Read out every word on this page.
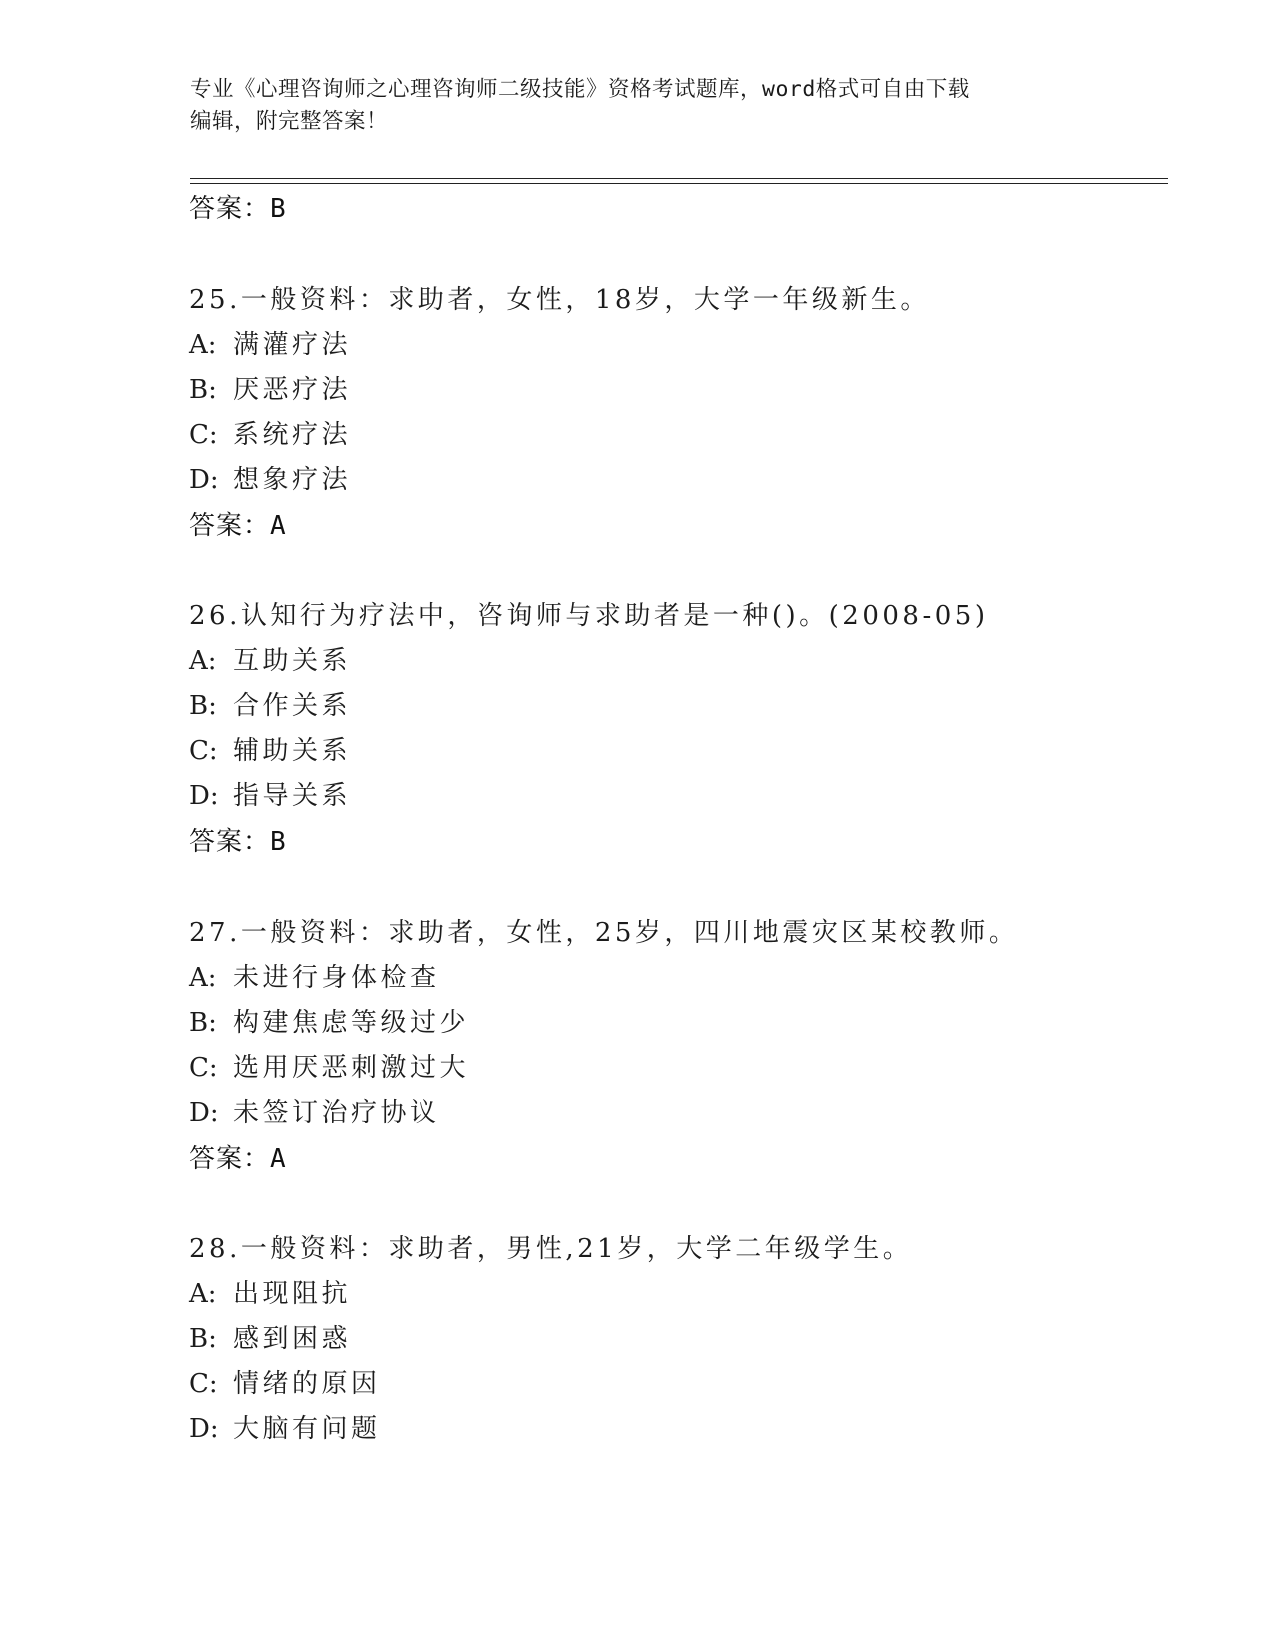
专业《心理咨询师之心理咨询师二级技能》资格考试题库，word格式可自由下载
编辑，附完整答案！
答案：B
25.一般资料：求助者，女性，18岁，大学一年级新生。
A: 满灌疗法
B: 厌恶疗法
C: 系统疗法
D: 想象疗法
答案：A
26.认知行为疗法中，咨询师与求助者是一种()。(2008-05)
A: 互助关系
B: 合作关系
C: 辅助关系
D: 指导关系
答案：B
27.一般资料：求助者，女性，25岁，四川地震灾区某校教师。
A: 未进行身体检查
B: 构建焦虑等级过少
C: 选用厌恶刺激过大
D: 未签订治疗协议
答案：A
28.一般资料：求助者，男性,21岁，大学二年级学生。
A: 出现阻抗
B: 感到困惑
C: 情绪的原因
D: 大脑有问题
